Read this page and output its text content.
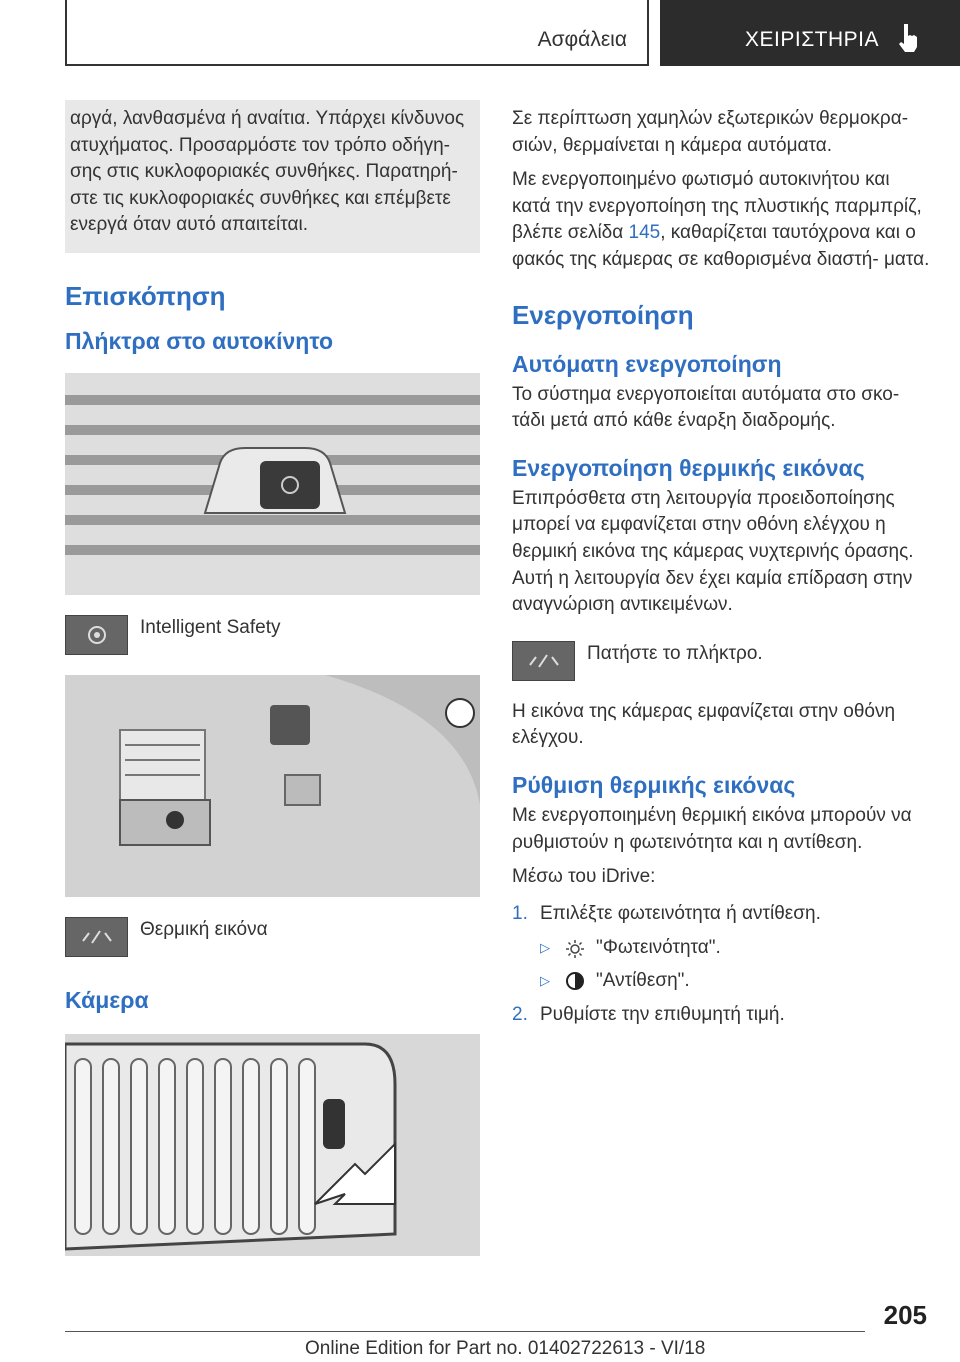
Ασφάλεια	ΧΕΙΡΙΣΤΗΡΙΑ
αργά, λανθασμένα ή αναίτια. Υπάρχει κίνδυνος ατυχήματος. Προσαρμόστε τον τρόπο οδήγη- σης στις κυκλοφοριακές συνθήκες. Παρατηρή- στε τις κυκλοφοριακές συνθήκες και επέμβετε ενεργά όταν αυτό απαιτείται.
Επισκόπηση
Πλήκτρα στο αυτοκίνητο
Intelligent Safety
Θερμική εικόνα
Κάμερα

Σε περίπτωση χαμηλών εξωτερικών θερμοκρα- σιών, θερμαίνεται η κάμερα αυτόματα.

Με ενεργοποιημένο φωτισμό αυτοκινήτου και κατά την ενεργοποίηση της πλυστικής παρμπρίζ, βλέπε σελίδα 145, καθαρίζεται ταυτόχρονα και ο φακός της κάμερας σε καθορισμένα διαστή- ματα.

Ενεργοποίηση
Αυτόματη ενεργοποίηση

Το σύστημα ενεργοποιείται αυτόματα στο σκο- τάδι μετά από κάθε έναρξη διαδρομής.

Ενεργοποίηση θερμικής εικόνας

Επιπρόσθετα στη λειτουργία προειδοποίησης μπορεί να εμφανίζεται στην οθόνη ελέγχου η θερμική εικόνα της κάμερας νυχτερινής όρασης. Αυτή η λειτουργία δεν έχει καμία επίδραση στην αναγνώριση αντικειμένων.

Πατήστε το πλήκτρο.

Η εικόνα της κάμερας εμφανίζεται στην οθόνη ελέγχου.

Ρύθμιση θερμικής εικόνας

Με ενεργοποιημένη θερμική εικόνα μπορούν να ρυθμιστούν η φωτεινότητα και η αντίθεση.

Μέσω του iDrive:

1. Επιλέξτε φωτεινότητα ή αντίθεση.
▷	"Φωτεινότητα".
▷	"Αντίθεση".
2. Ρυθμίστε την επιθυμητή τιμή.
205
Online Edition for Part no. 01402722613 - VI/18
